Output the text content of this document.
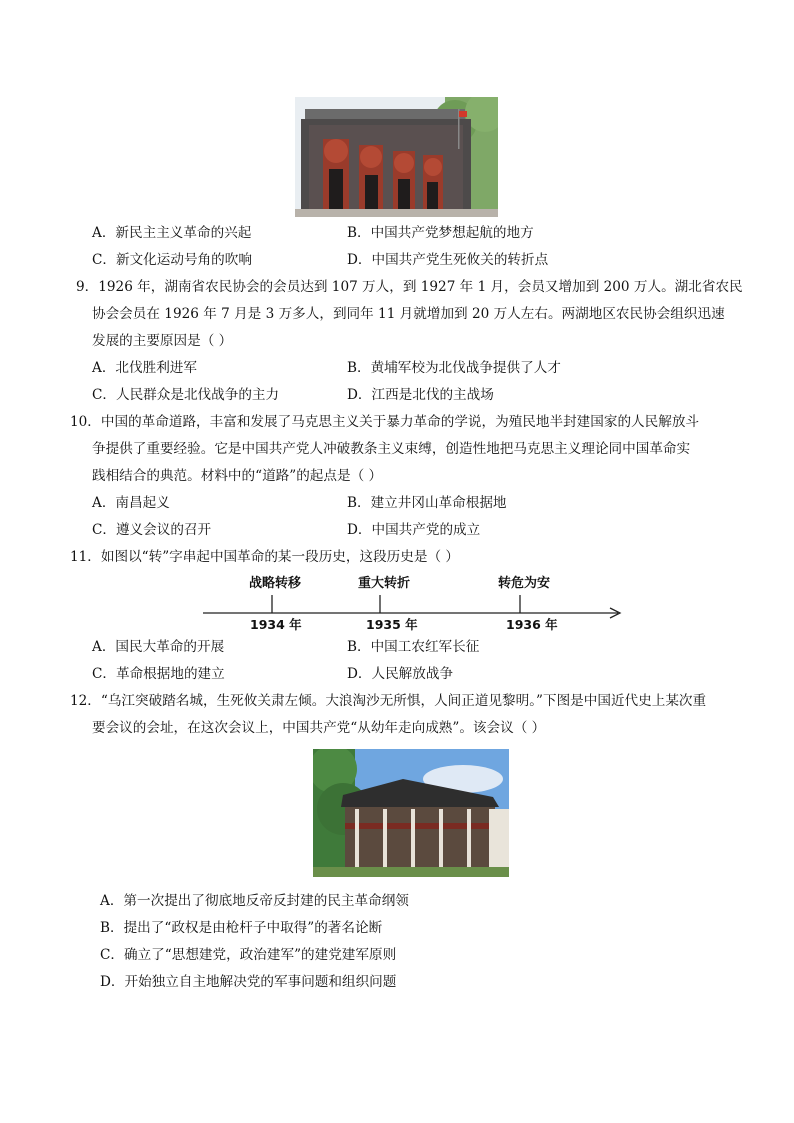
A．新民主主义革命的兴起	B．中国共产党梦想起航的地方
C．新文化运动号角的吹响	D．中国共产党生死攸关的转折点
9．1926 年，湖南省农民协会的会员达到 107 万人，到 1927 年 1 月，会员又增加到 200 万人。湖北省农民
协会会员在 1926 年 7 月是 3 万多人，到同年 11 月就增加到 20 万人左右。两湖地区农民协会组织迅速
发展的主要原因是（ ）
A．北伐胜利进军	B．黄埔军校为北伐战争提供了人才
C．人民群众是北伐战争的主力	D．江西是北伐的主战场
10．中国的革命道路，丰富和发展了马克思主义关于暴力革命的学说，为殖民地半封建国家的人民解放斗
争提供了重要经验。它是中国共产党人冲破教条主义束缚，创造性地把马克思主义理论同中国革命实
践相结合的典范。材料中的“道路”的起点是（ ）
A．南昌起义	B．建立井冈山革命根据地
C．遵义会议的召开	D．中国共产党的成立
11．如图以“转”字串起中国革命的某一段历史，这段历史是（ ）
战略转移	重大转折	转危为安
1934 年	1935 年	1936 年
A．国民大革命的开展	B．中国工农红军长征
C．革命根据地的建立	D．人民解放战争
12．“乌江突破踏名城，生死攸关肃左倾。大浪淘沙无所惧，人间正道见黎明。”下图是中国近代史上某次重
要会议的会址，在这次会议上，中国共产党“从幼年走向成熟”。该会议（ ）
A．第一次提出了彻底地反帝反封建的民主革命纲领
B．提出了“政权是由枪杆子中取得”的著名论断
C．确立了“思想建党，政治建军”的建党建军原则
D．开始独立自主地解决党的军事问题和组织问题
